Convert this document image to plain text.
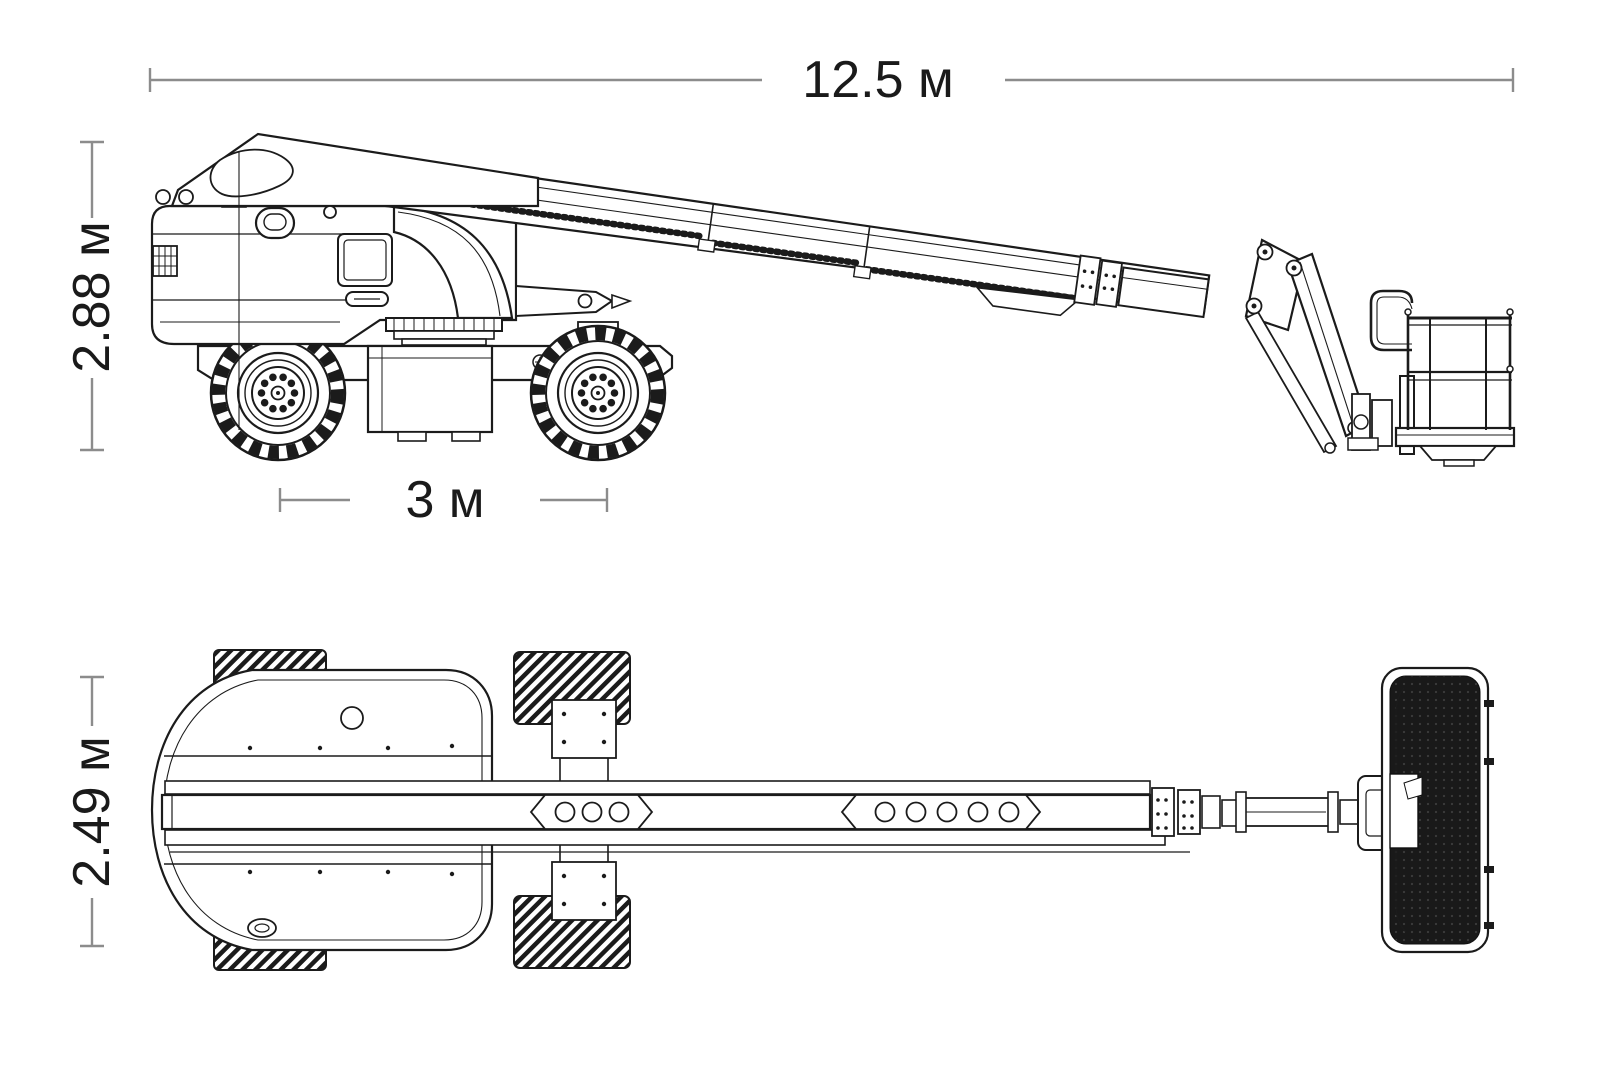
12.5 м
2.88 м
3 м
2.49 м
